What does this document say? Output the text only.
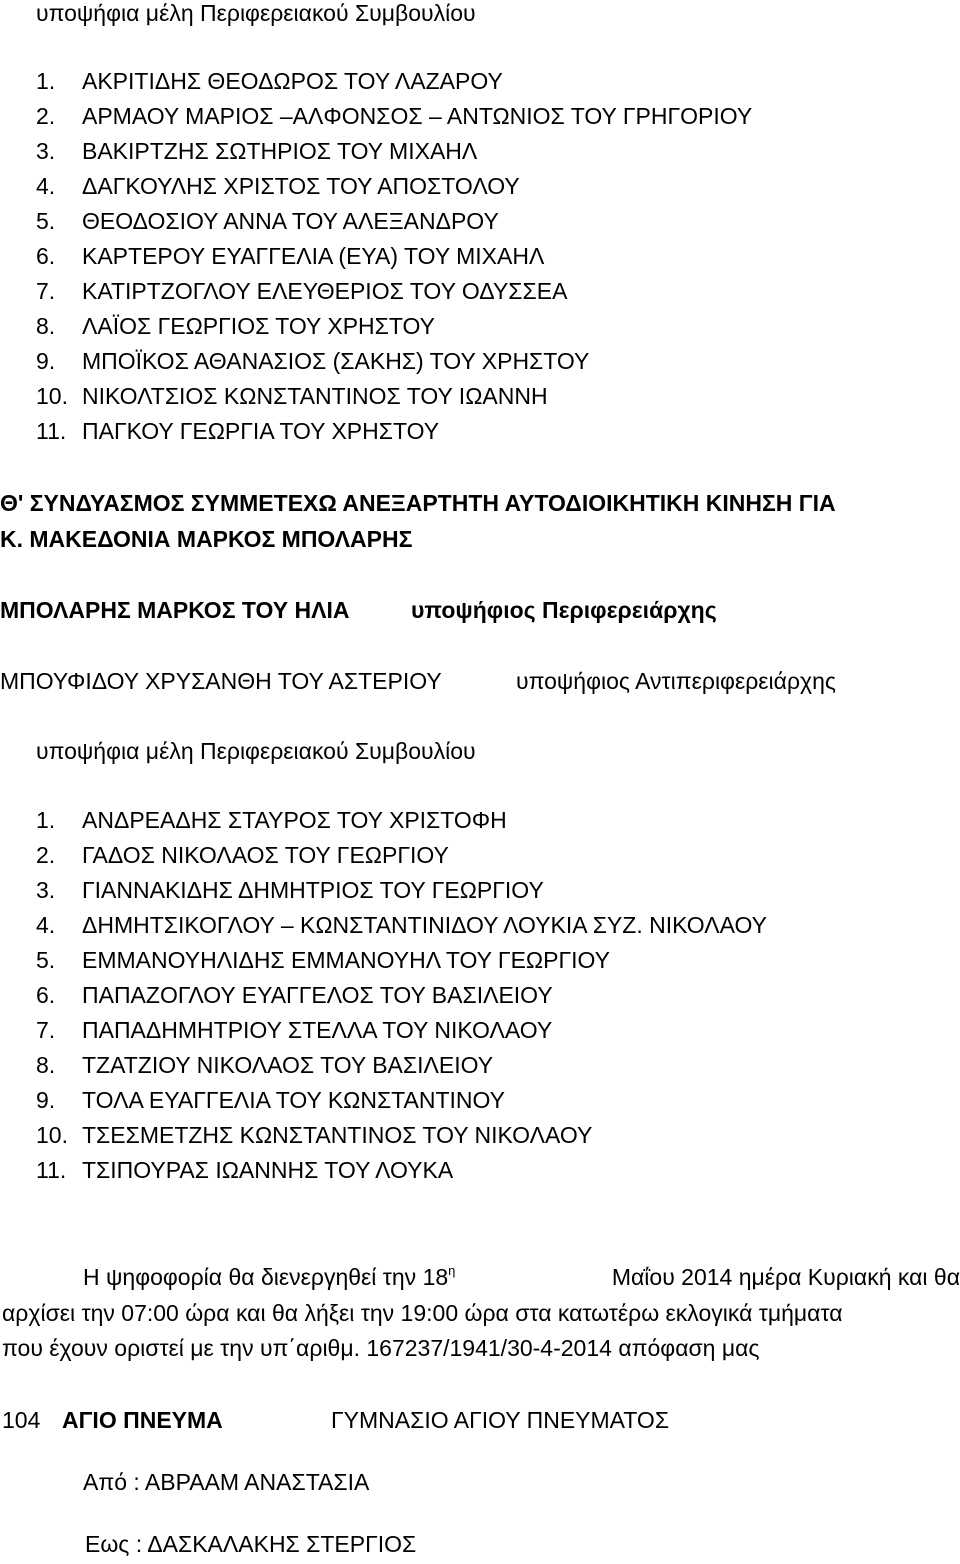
υποψήφια μέλη Περιφερειακού Συμβουλίου
1. ΑΚΡΙΤΙΔΗΣ ΘΕΟΔΩΡΟΣ ΤΟΥ ΛΑΖΑΡΟΥ
2. ΑΡΜΑΟΥ ΜΑΡΙΟΣ –ΑΛΦΟΝΣΟΣ – ΑΝΤΩΝΙΟΣ ΤΟΥ ΓΡΗΓΟΡΙΟΥ
3. ΒΑΚΙΡΤΖΗΣ ΣΩΤΗΡΙΟΣ ΤΟΥ ΜΙΧΑΗΛ
4. ΔΑΓΚΟΥΛΗΣ ΧΡΙΣΤΟΣ ΤΟΥ ΑΠΟΣΤΟΛΟΥ
5. ΘΕΟΔΟΣΙΟΥ ΑΝΝΑ ΤΟΥ ΑΛΕΞΑΝΔΡΟΥ
6. ΚΑΡΤΕΡΟΥ ΕΥΑΓΓΕΛΙΑ (ΕΥΑ) ΤΟΥ ΜΙΧΑΗΛ
7. ΚΑΤΙΡΤΖΟΓΛΟΥ ΕΛΕΥΘΕΡΙΟΣ ΤΟΥ ΟΔΥΣΣΕΑ
8. ΛΑΪΟΣ ΓΕΩΡΓΙΟΣ ΤΟΥ ΧΡΗΣΤΟΥ
9. ΜΠΟΪΚΟΣ ΑΘΑΝΑΣΙΟΣ (ΣΑΚΗΣ) ΤΟΥ ΧΡΗΣΤΟΥ
10. ΝΙΚΟΛΤΣΙΟΣ ΚΩΝΣΤΑΝΤΙΝΟΣ ΤΟΥ ΙΩΑΝΝΗ
11. ΠΑΓΚΟΥ ΓΕΩΡΓΙΑ ΤΟΥ ΧΡΗΣΤΟΥ
Θ' ΣΥΝΔΥΑΣΜΟΣ ΣΥΜΜΕΤΕΧΩ ΑΝΕΞΑΡΤΗΤΗ ΑΥΤΟΔΙΟΙΚΗΤΙΚΗ ΚΙΝΗΣΗ ΓΙΑ
Κ. ΜΑΚΕΔΟΝΙΑ ΜΑΡΚΟΣ ΜΠΟΛΑΡΗΣ
ΜΠΟΛΑΡΗΣ ΜΑΡΚΟΣ ΤΟΥ ΗΛΙΑ	υποψήφιος Περιφερειάρχης
ΜΠΟΥΦΙΔΟΥ ΧΡΥΣΑΝΘΗ ΤΟΥ ΑΣΤΕΡΙΟΥ	υποψήφιος Αντιπεριφερειάρχης
υποψήφια μέλη Περιφερειακού Συμβουλίου
1. ΑΝΔΡΕΑΔΗΣ ΣΤΑΥΡΟΣ ΤΟΥ ΧΡΙΣΤΟΦΗ
2. ΓΑΔΟΣ ΝΙΚΟΛΑΟΣ ΤΟΥ ΓΕΩΡΓΙΟΥ
3. ΓΙΑΝΝΑΚΙΔΗΣ ΔΗΜΗΤΡΙΟΣ ΤΟΥ ΓΕΩΡΓΙΟΥ
4. ΔΗΜΗΤΣΙΚΟΓΛΟΥ – ΚΩΝΣΤΑΝΤΙΝΙΔΟΥ ΛΟΥΚΙΑ ΣΥΖ. ΝΙΚΟΛΑΟΥ
5. ΕΜΜΑΝΟΥΗΛΙΔΗΣ ΕΜΜΑΝΟΥΗΛ ΤΟΥ ΓΕΩΡΓΙΟΥ
6. ΠΑΠΑΖΟΓΛΟΥ ΕΥΑΓΓΕΛΟΣ ΤΟΥ ΒΑΣΙΛΕΙΟΥ
7. ΠΑΠΑΔΗΜΗΤΡΙΟΥ ΣΤΕΛΛΑ ΤΟΥ ΝΙΚΟΛΑΟΥ
8. ΤΖΑΤΖΙΟΥ ΝΙΚΟΛΑΟΣ ΤΟΥ ΒΑΣΙΛΕΙΟΥ
9. ΤΟΛΑ ΕΥΑΓΓΕΛΙΑ ΤΟΥ ΚΩΝΣΤΑΝΤΙΝΟΥ
10. ΤΣΕΣΜΕΤΖΗΣ ΚΩΝΣΤΑΝΤΙΝΟΣ ΤΟΥ ΝΙΚΟΛΑΟΥ
11. ΤΣΙΠΟΥΡΑΣ ΙΩΑΝΝΗΣ ΤΟΥ ΛΟΥΚΑ
Η ψηφοφορία θα διενεργηθεί την $18^\eta$	Μαΐου 2014 ημέρα Κυριακή και θα
αρχίσει την 07:00 ώρα και θα λήξει την 19:00 ώρα στα κατωτέρω εκλογικά τμήματα
που έχουν οριστεί με την υπ΄αριθμ. 167237/1941/30-4-2014 απόφαση μας
104 ΑΓΙΟ ΠΝΕΥΜΑ	ΓΥΜΝΑΣΙΟ ΑΓΙΟΥ ΠΝΕΥΜΑΤΟΣ
Από : ΑΒΡΑΑΜ ΑΝΑΣΤΑΣΙΑ
Εως : ΔΑΣΚΑΛΑΚΗΣ ΣΤΕΡΓΙΟΣ
